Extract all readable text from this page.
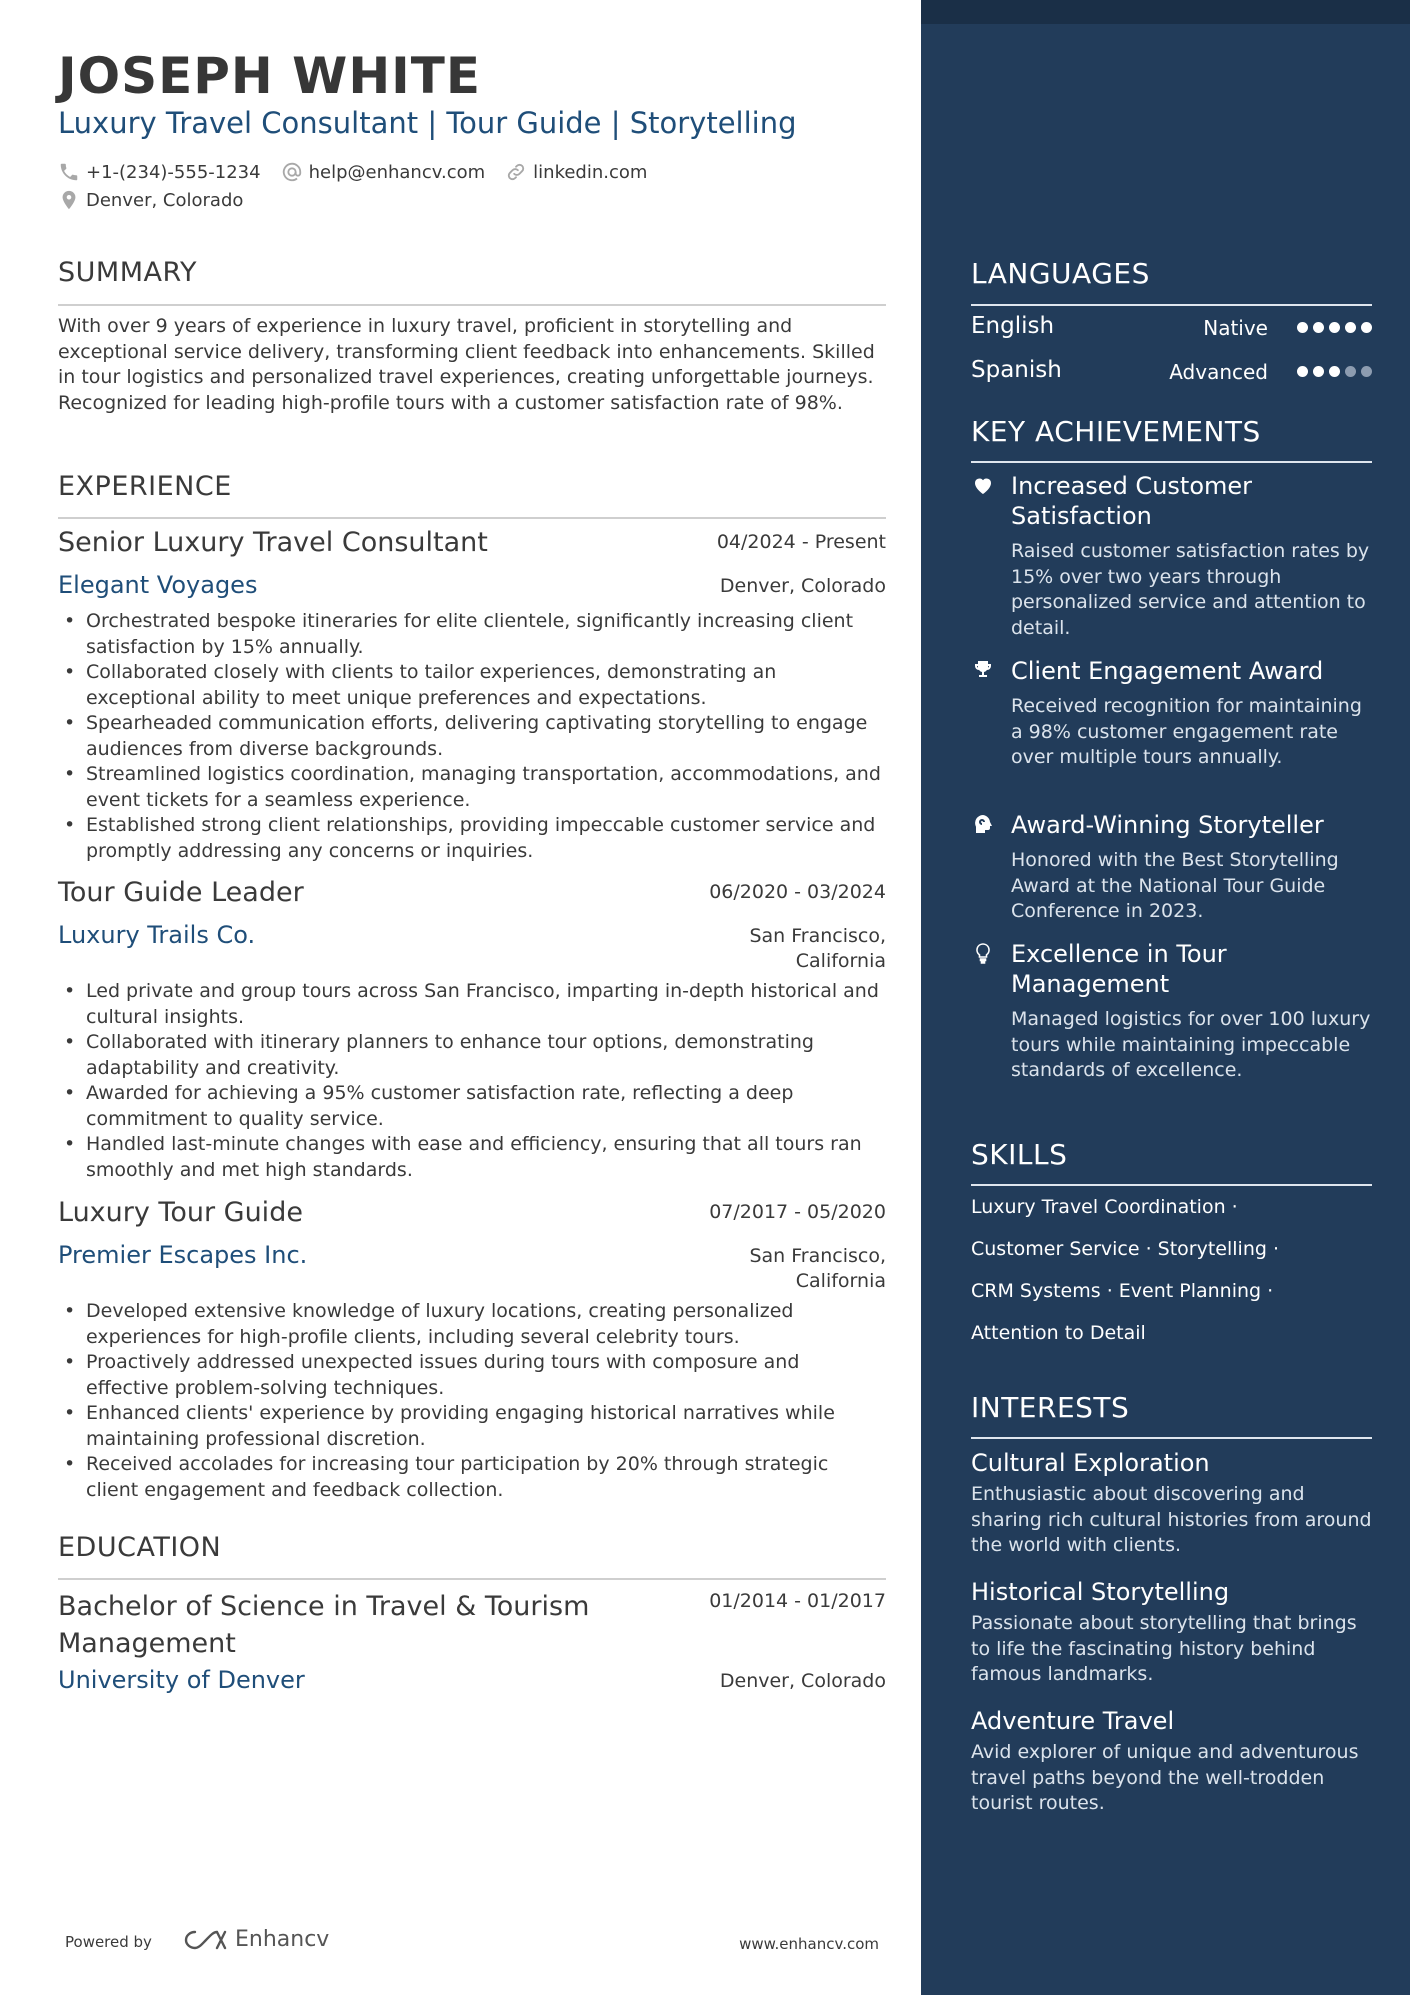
JOSEPH WHITE
Luxury Travel Consultant | Tour Guide | Storytelling
+1-(234)-555-1234	help@enhancv.com	linkedin.com
Denver, Colorado
SUMMARY
With over 9 years of experience in luxury travel, proficient in storytelling and exceptional service delivery, transforming client feedback into enhancements. Skilled in tour logistics and personalized travel experiences, creating unforgettable journeys. Recognized for leading high-profile tours with a customer satisfaction rate of 98%.
EXPERIENCE
Senior Luxury Travel Consultant	04/2024 - Present
Elegant Voyages	Denver, Colorado
• Orchestrated bespoke itineraries for elite clientele, significantly increasing client satisfaction by 15% annually.
• Collaborated closely with clients to tailor experiences, demonstrating an exceptional ability to meet unique preferences and expectations.
• Spearheaded communication efforts, delivering captivating storytelling to engage audiences from diverse backgrounds.
• Streamlined logistics coordination, managing transportation, accommodations, and event tickets for a seamless experience.
• Established strong client relationships, providing impeccable customer service and promptly addressing any concerns or inquiries.
Tour Guide Leader	06/2020 - 03/2024
Luxury Trails Co.	San Francisco,
California
• Led private and group tours across San Francisco, imparting in-depth historical and cultural insights.
• Collaborated with itinerary planners to enhance tour options, demonstrating adaptability and creativity.
• Awarded for achieving a 95% customer satisfaction rate, reflecting a deep commitment to quality service.
• Handled last-minute changes with ease and efficiency, ensuring that all tours ran smoothly and met high standards.
Luxury Tour Guide	07/2017 - 05/2020
Premier Escapes Inc.	San Francisco,
California
• Developed extensive knowledge of luxury locations, creating personalized experiences for high-profile clients, including several celebrity tours.
• Proactively addressed unexpected issues during tours with composure and effective problem-solving techniques.
• Enhanced clients' experience by providing engaging historical narratives while maintaining professional discretion.
• Received accolades for increasing tour participation by 20% through strategic client engagement and feedback collection.
EDUCATION
Bachelor of Science in Travel & Tourism
Management
01/2014 - 01/2017
University of Denver	Denver, Colorado
Powered by	Enhancv	www.enhancv.com
LANGUAGES
English	Native
Spanish	Advanced
KEY ACHIEVEMENTS
Increased Customer Satisfaction
Raised customer satisfaction rates by 15% over two years through personalized service and attention to detail.
Client Engagement Award
Received recognition for maintaining a 98% customer engagement rate over multiple tours annually.
Award-Winning Storyteller
Honored with the Best Storytelling Award at the National Tour Guide Conference in 2023.
Excellence in Tour Management
Managed logistics for over 100 luxury tours while maintaining impeccable standards of excellence.
SKILLS
Luxury Travel Coordination ·
Customer Service · Storytelling ·
CRM Systems · Event Planning ·
Attention to Detail
INTERESTS
Cultural Exploration
Enthusiastic about discovering and sharing rich cultural histories from around the world with clients.
Historical Storytelling
Passionate about storytelling that brings to life the fascinating history behind famous landmarks.
Adventure Travel
Avid explorer of unique and adventurous travel paths beyond the well-trodden tourist routes.
